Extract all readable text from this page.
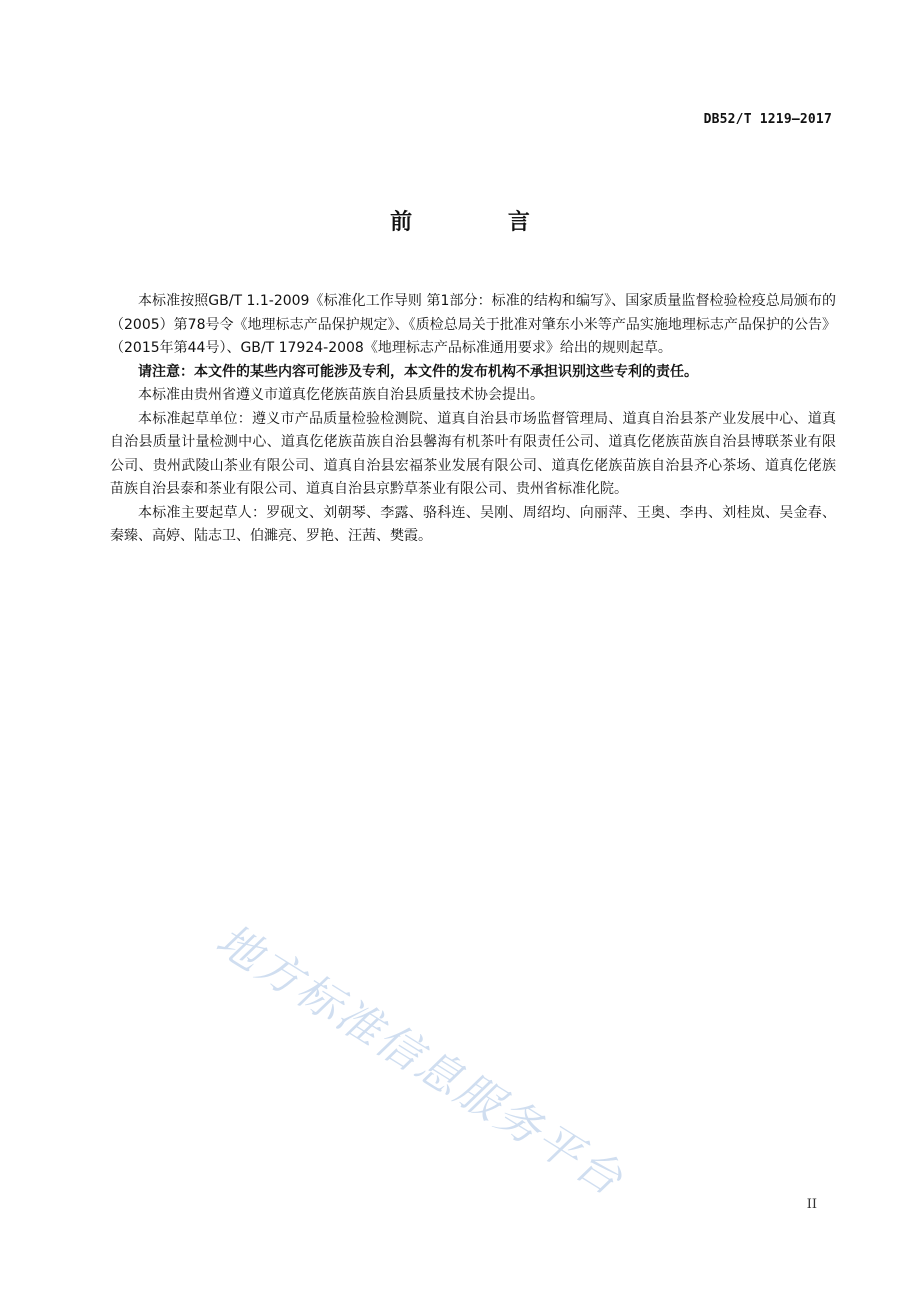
DB52/T 1219—2017
前 言

本标准按照GB/T 1.1-2009《标准化工作导则 第1部分：标准的结构和编写》、国家质量监督检验检疫总局颁布的（2005）第78号令《地理标志产品保护规定》、《质检总局关于批准对肇东小米等产品实施地理标志产品保护的公告》（2015年第44号）、GB/T 17924-2008《地理标志产品标准通用要求》给出的规则起草。

请注意：本文件的某些内容可能涉及专利，本文件的发布机构不承担识别这些专利的责任。

本标准由贵州省遵义市道真仡佬族苗族自治县质量技术协会提出。

本标准起草单位：遵义市产品质量检验检测院、道真自治县市场监督管理局、道真自治县茶产业发展中心、道真自治县质量计量检测中心、道真仡佬族苗族自治县馨海有机茶叶有限责任公司、道真仡佬族苗族自治县博联茶业有限公司、贵州武陵山茶业有限公司、道真自治县宏福茶业发展有限公司、道真仡佬族苗族自治县齐心茶场、道真仡佬族苗族自治县泰和茶业有限公司、道真自治县京黔草茶业有限公司、贵州省标准化院。

本标准主要起草人：罗砚文、刘朝琴、李露、骆科连、吴刚、周绍均、向丽萍、王奥、李冉、刘桂岚、吴金春、秦臻、高婷、陆志卫、伯濉亮、罗艳、汪茜、樊霞。

地方标准信息服务平台	II
